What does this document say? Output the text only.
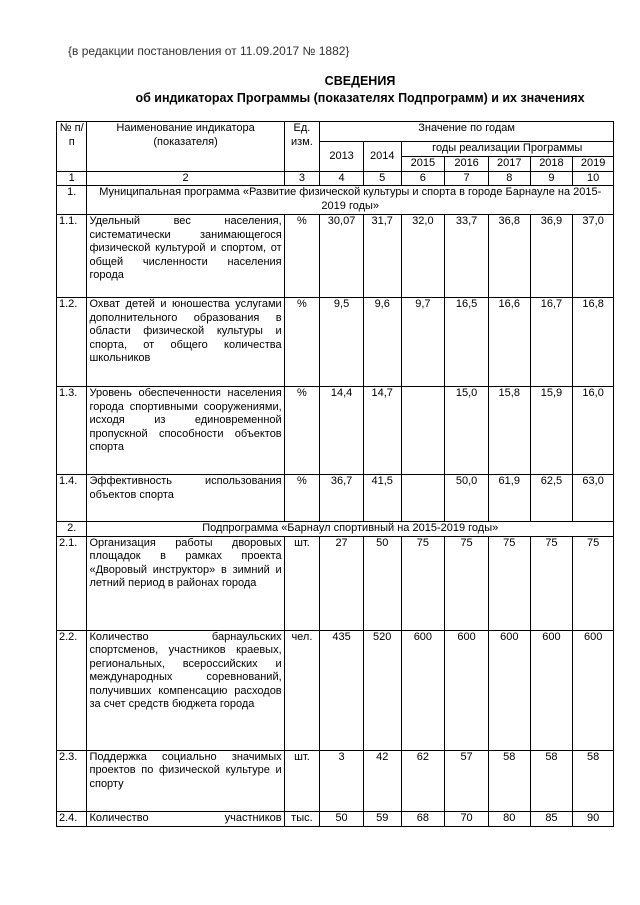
{в редакции постановления от 11.09.2017 № 1882}
СВЕДЕНИЯ
об индикаторах Программы (показателях Подпрограмм) и их значениях
№ п/п	Наименование индикатора (показателя)	Ед. изм.	Значение по годам						
			2013	2014	годы реализации Программы				
					2015	2016	2017	2018	2019
1	2	3	4	5	6	7	8	9	10
1.	Муниципальная программа «Развитие физической культуры и спорта в городе Барнауле на 2015-2019 годы»								
1.1.	Удельный вес населения, систематически занимающегося физической культурой и спортом, от общей численности населения города	%	30,07	31,7	32,0	33,7	36,8	36,9	37,0
1.2.	Охват детей и юношества услугами дополнительного образования в области физической культуры и спорта, от общего количества школьников	%	9,5	9,6	9,7	16,5	16,6	16,7	16,8
1.3.	Уровень обеспеченности населения города спортивными сооружениями, исходя из единовременной пропускной способности объектов спорта	%	14,4	14,7		15,0	15,8	15,9	16,0
1.4.	Эффективность использования объектов спорта	%	36,7	41,5		50,0	61,9	62,5	63,0
2.	Подпрограмма «Барнаул спортивный на 2015-2019 годы»								
2.1.	Организация работы дворовых площадок в рамках проекта «Дворовый инструктор» в зимний и летний период в районах города	шт.	27	50	75	75	75	75	75
2.2.	Количество барнаульских спортсменов, участников краевых, региональных, всероссийских и международных соревнований, получивших компенсацию расходов за счет средств бюджета города	чел.	435	520	600	600	600	600	600
2.3.	Поддержка социально значимых проектов по физической культуре и спорту	шт.	3	42	62	57	58	58	58
2.4.	Количество участников	тыс.	50	59	68	70	80	85	90
